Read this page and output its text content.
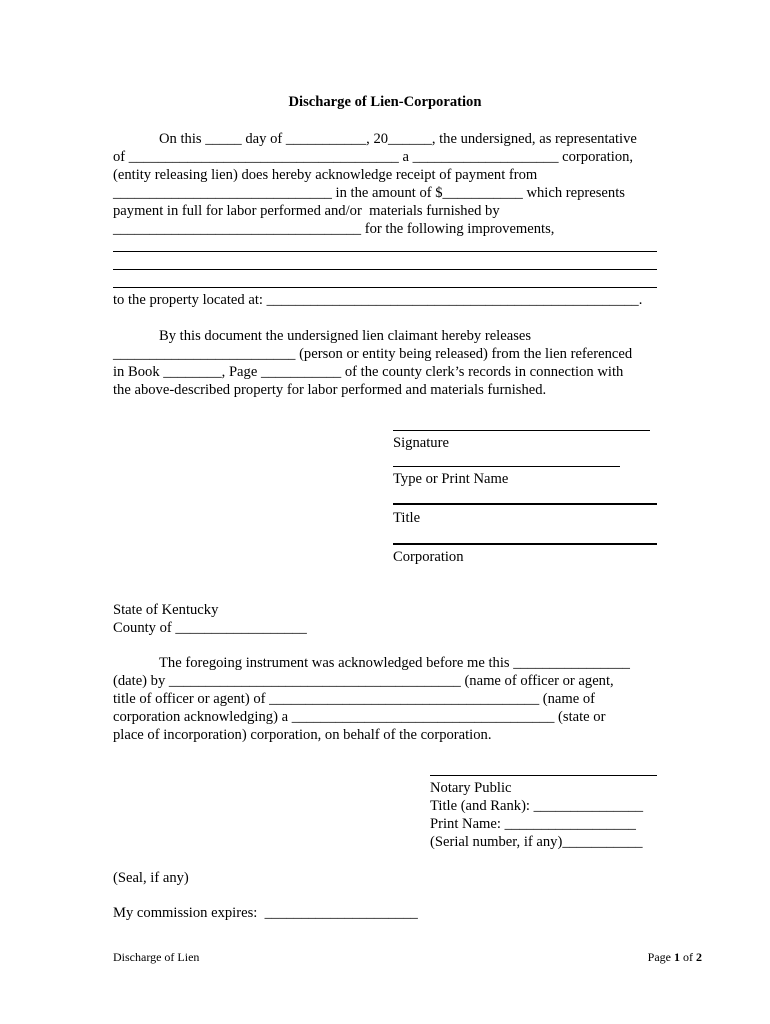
Discharge of Lien-Corporation
On this _____ day of ___________, 20______, the undersigned, as representative
of _____________________________________ a ____________________ corporation,
(entity releasing lien) does hereby acknowledge receipt of payment from
______________________________ in the amount of $___________ which represents
payment in full for labor performed and/or  materials furnished by
__________________________________ for the following improvements,
to the property located at: ___________________________________________________.
By this document the undersigned lien claimant hereby releases
_________________________ (person or entity being released) from the lien referenced
in Book ________, Page ___________ of the county clerk’s records in connection with
the above-described property for labor performed and materials furnished.
Signature
Type or Print Name
Title
Corporation
State of Kentucky
County of __________________
The foregoing instrument was acknowledged before me this ________________
(date) by ________________________________________ (name of officer or agent,
title of officer or agent) of _____________________________________ (name of
corporation acknowledging) a ____________________________________ (state or
place of incorporation) corporation, on behalf of the corporation.
Notary Public
Title (and Rank): _______________
Print Name: __________________
(Serial number, if any)___________
(Seal, if any)
My commission expires:  _____________________
Discharge of Lien	Page 1 of 2
